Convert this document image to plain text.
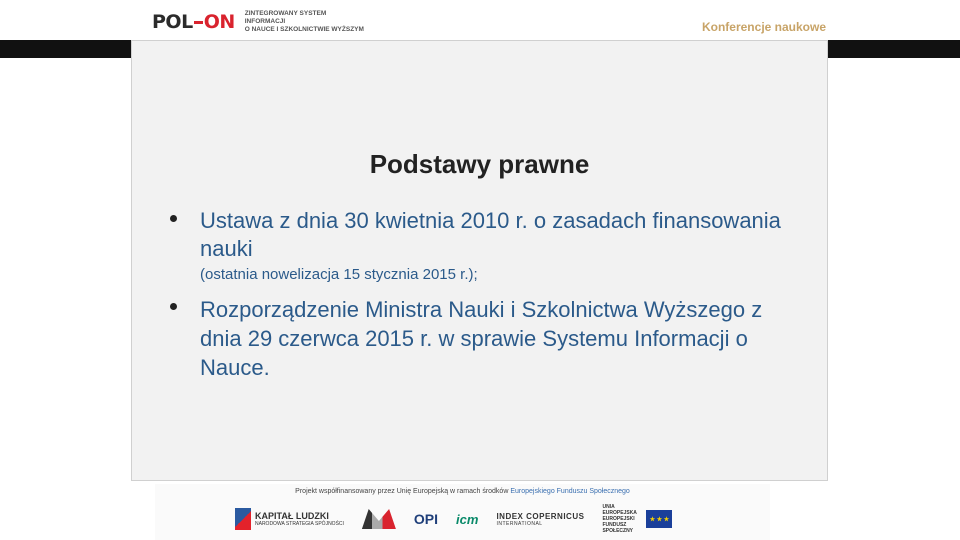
POL ON ZINTEGROWANY SYSTEM INFORMACJI
O NAUCE I SZKOLNICTWIE WYŻSZYM	Konferencje naukowe
Podstawy prawne
Ustawa z dnia 30 kwietnia 2010 r. o zasadach finansowania nauki
(ostatnia nowelizacja 15 stycznia 2015 r.);
Rozporządzenie Ministra Nauki i Szkolnictwa Wyższego z dnia 29 czerwca 2015 r. w sprawie Systemu Informacji o Nauce.
Projekt współfinansowany przez Unię Europejską w ramach środków Europejskiego Funduszu Społecznego
KAPITAŁ LUDZKI
NARODOWA STRATEGIA SPÓJNOŚCI	OPI icm INDEX COPERNICUS
INTERNATIONAL
UNIA EUROPEJSKA
EUROPEJSKI FUNDUSZ SPOŁECZNY
★ ★ ★
